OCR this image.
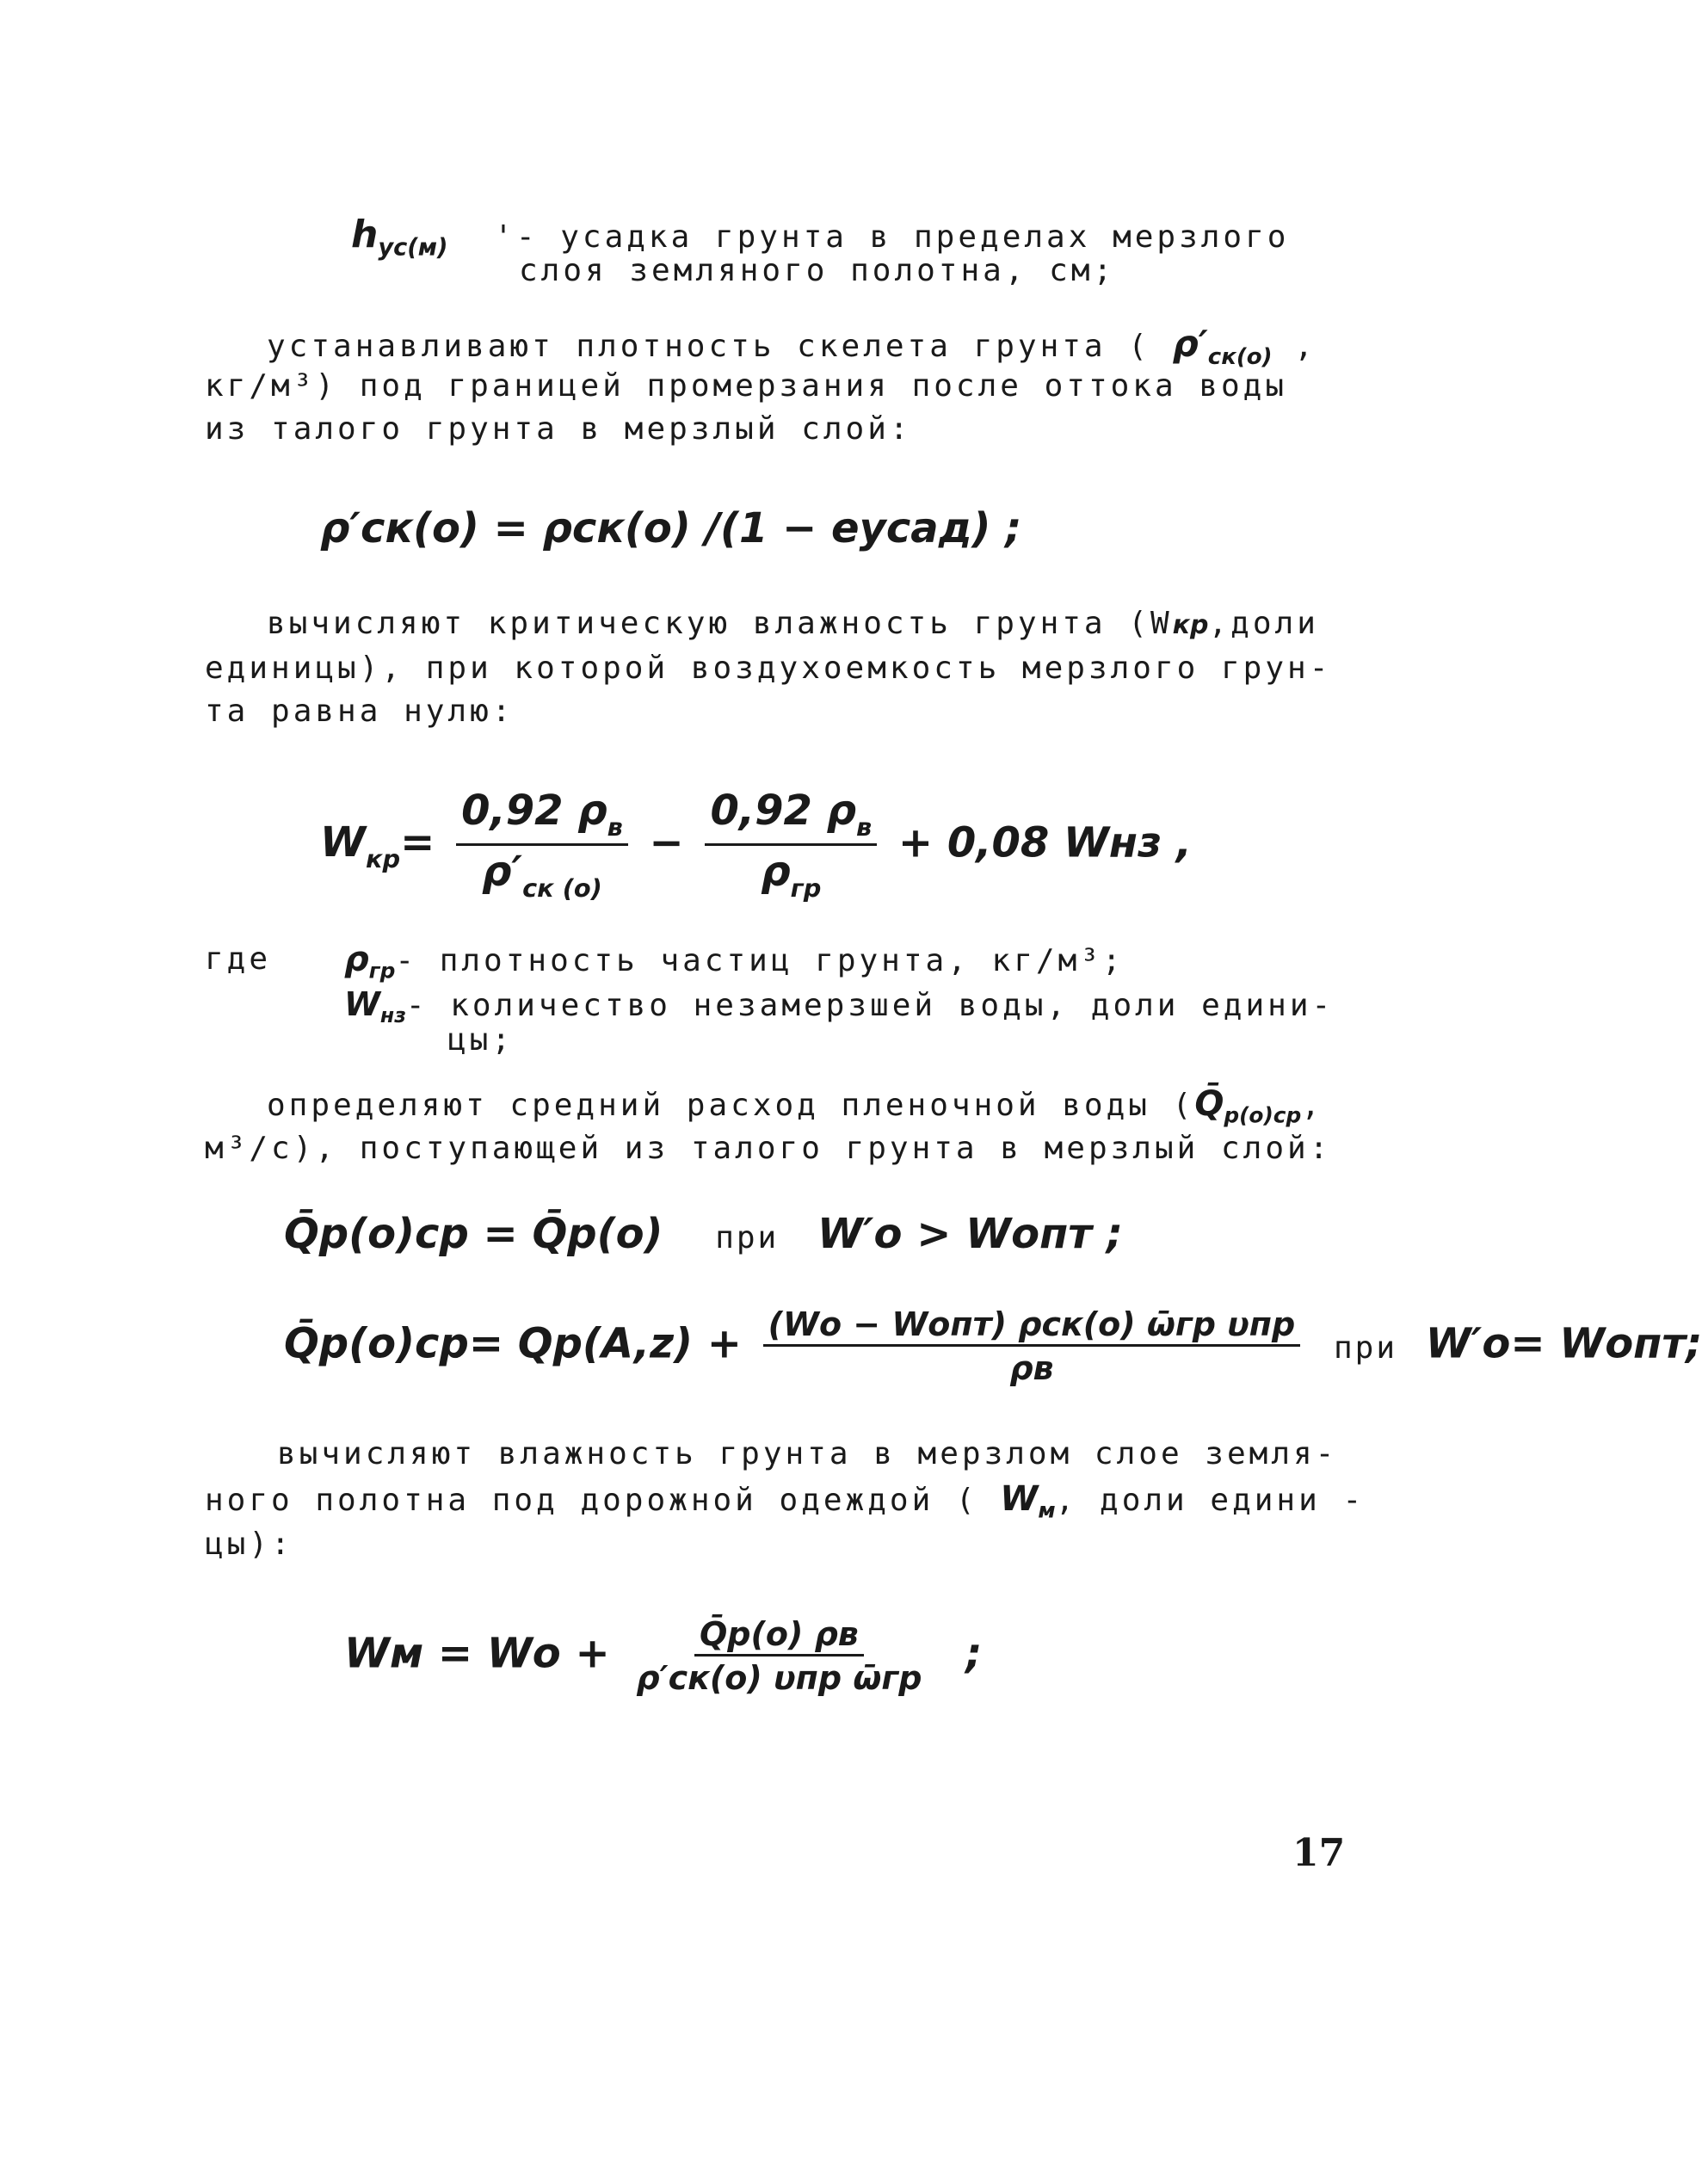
$h_{ус(м)}$ '- усадка грунта в пределах мерзлого
слоя земляного полотна, см;
устанавливают плотность скелета грунта ( $\rho'_{ск(о)}$ ,
кг/м³) под границей промерзания после оттока воды
из талого грунта в мерзлый слой:
ρ′ск(о) = ρск(о) /(1 − eусад) ;
вычисляют критическую влажность грунта (Wкр,доли
единицы), при которой воздухоемкость мерзлого грун-
та равна нулю:
$W_{кр}= \frac{0,92 \rho_в}{\rho'_{ск (о)}} - \frac{0,92 \rho_в}{\rho_{гр}} + 0,08$ Wнз ,
где $\rho_{гр}-$ плотность частиц грунта, кг/м³;
$W_{нз}-$ количество незамерзшей воды, доли едини-
цы;
определяют средний расход пленочной воды ($Q̄_{p(о)ср}$,
м³/с), поступающей из талого грунта в мерзлый слой:
Q̄p(о)ср = Q̄p(о) при W′о > Wопт ;
Q̄p(о)ср= $Qp(A,z) + \frac{\text{(Wо − Wопт) ρск(о) ω̄гр υпр}}{\rho в}$ при W′о= Wопт;
вычисляют влажность грунта в мерзлом слое земля-
ного полотна под дорожной одеждой ( $W_м$, доли едини -
цы):
Wм = Wо + $\frac{Q̄p(о) \rho в}{\text{ρ′ск(о) υпр ω̄гр}}$ ;
17
